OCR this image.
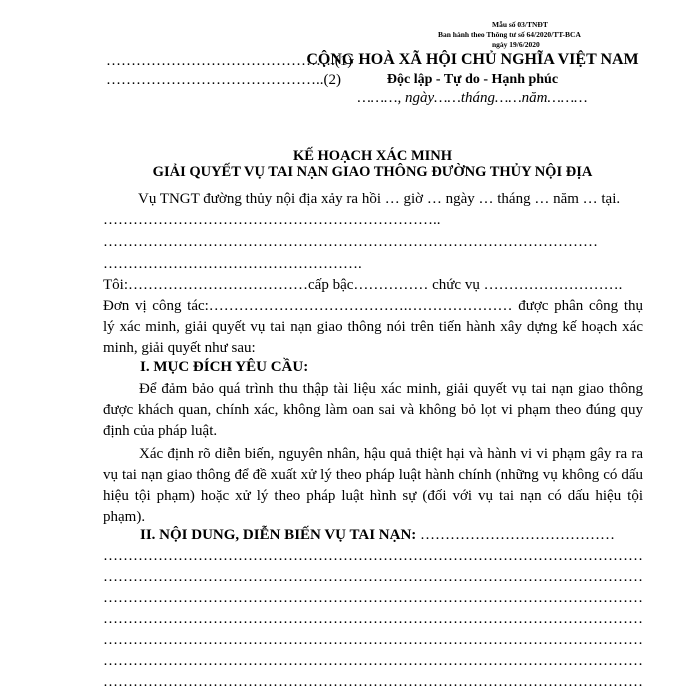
Mẫu số 03/TNĐT
Ban hành theo Thông tư số 64/2020/TT-BCA
ngày 19/6/2020
……………………………………….(1)
……………………………………..(2)
CỘNG HOÀ XÃ HỘI CHỦ NGHĨA VIỆT NAM
Độc lập - Tự do - Hạnh phúc
………, ngày……tháng……năm………
KẾ HOẠCH XÁC MINH
GIẢI QUYẾT VỤ TAI NẠN GIAO THÔNG ĐƯỜNG THỦY NỘI ĐỊA
Vụ TNGT đường thủy nội địa xảy ra hồi … giờ … ngày … tháng … năm … tại.
…………………………………………………………..
………………………………………………………………………………………
…………………………………………….
Tôi:………………………………cấp bậc…………… chức vụ ……………………….
Đơn vị công tác:………………………………….………………… được phân công thụ lý xác minh, giải quyết vụ tai nạn giao thông nói trên tiến hành xây dựng kế hoạch xác minh, giải quyết như sau:
I. MỤC ĐÍCH YÊU CẦU:
Để đảm bảo quá trình thu thập tài liệu xác minh, giải quyết vụ tai nạn giao thông được khách quan, chính xác, không làm oan sai và không bỏ lọt vi phạm theo đúng quy định của pháp luật.
Xác định rõ diễn biến, nguyên nhân, hậu quả thiệt hại và hành vi vi phạm gây ra ra vụ tai nạn giao thông để đề xuất xử lý theo pháp luật hành chính (những vụ không có dấu hiệu tội phạm) hoặc xử lý theo pháp luật hình sự (đối với vụ tai nạn có dấu hiệu tội phạm).
II. NỘI DUNG, DIỄN BIẾN VỤ TAI NẠN: …………………………………
………………………………………………………………………………………………
………………………………………………………………………………………………
………………………………………………………………………………………………
………………………………………………………………………………………………
………………………………………………………………………………………………
………………………………………………………………………………………………
………………………………………………………………………………………………
